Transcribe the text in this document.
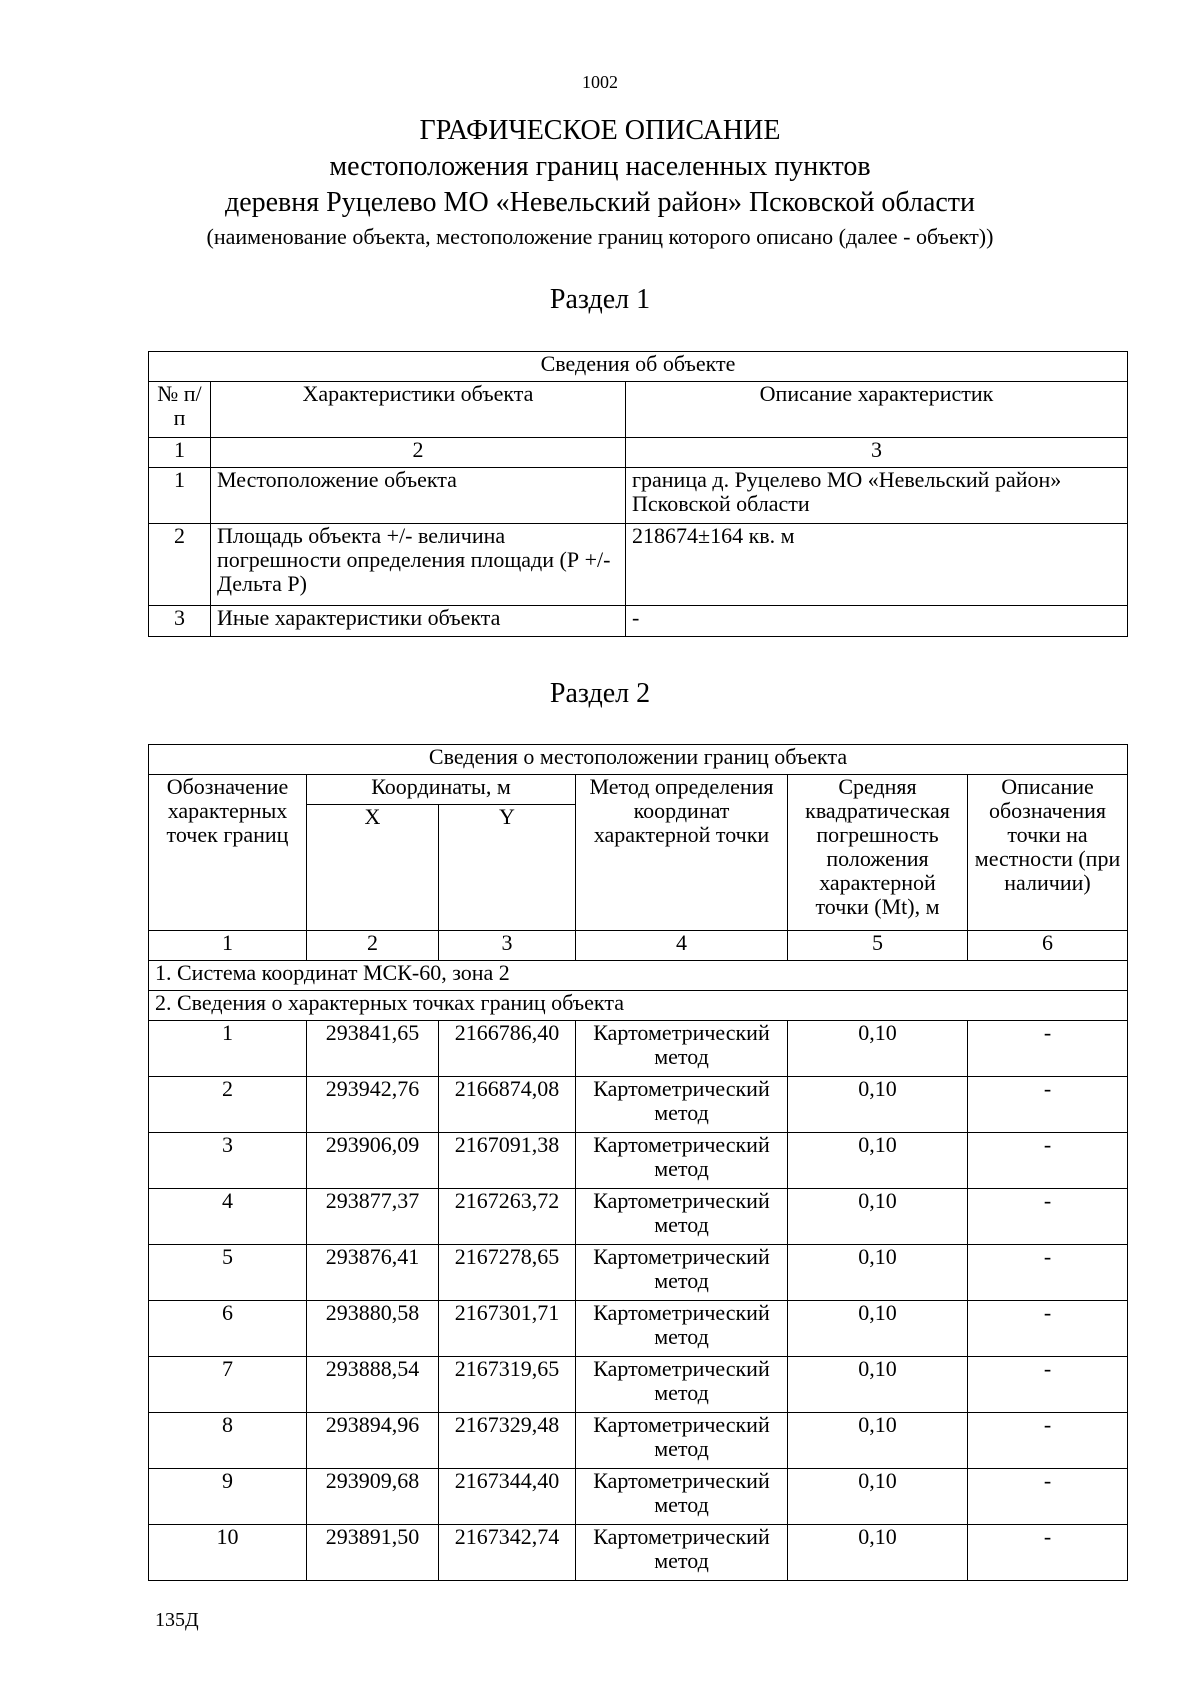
1002
ГРАФИЧЕСКОЕ ОПИСАНИЕ
местоположения границ населенных пунктов
деревня Руцелево МО «Невельский район» Псковской области
(наименование объекта, местоположение границ которого описано (далее - объект))
Раздел 1
Сведения об объекте		
№ п/п	Характеристики объекта	Описание характеристик
1	2	3
1	Местоположение объекта	граница д. Руцелево МО «Невельский район» Псковской области
2	Площадь объекта +/- величина погрешности определения площади (Р +/- Дельта Р)	218674±164 кв. м
3	Иные характеристики объекта	-
Раздел 2
Сведения о местоположении границ объекта					
Обозначение характерных точек границ	Координаты, м		Метод определения координат характерной точки	Средняя квадратическая погрешность положения характерной точки (Мt), м	Описание обозначения точки на местности (при наличии)
	X	Y			
1	2	3	4	5	6
1. Система координат МСК-60, зона 2					
2. Сведения о характерных точках границ объекта					
1	293841,65	2166786,40	Картометрический метод	0,10	-
2	293942,76	2166874,08	Картометрический метод	0,10	-
3	293906,09	2167091,38	Картометрический метод	0,10	-
4	293877,37	2167263,72	Картометрический метод	0,10	-
5	293876,41	2167278,65	Картометрический метод	0,10	-
6	293880,58	2167301,71	Картометрический метод	0,10	-
7	293888,54	2167319,65	Картометрический метод	0,10	-
8	293894,96	2167329,48	Картометрический метод	0,10	-
9	293909,68	2167344,40	Картометрический метод	0,10	-
10	293891,50	2167342,74	Картометрический метод	0,10	-
135Д
